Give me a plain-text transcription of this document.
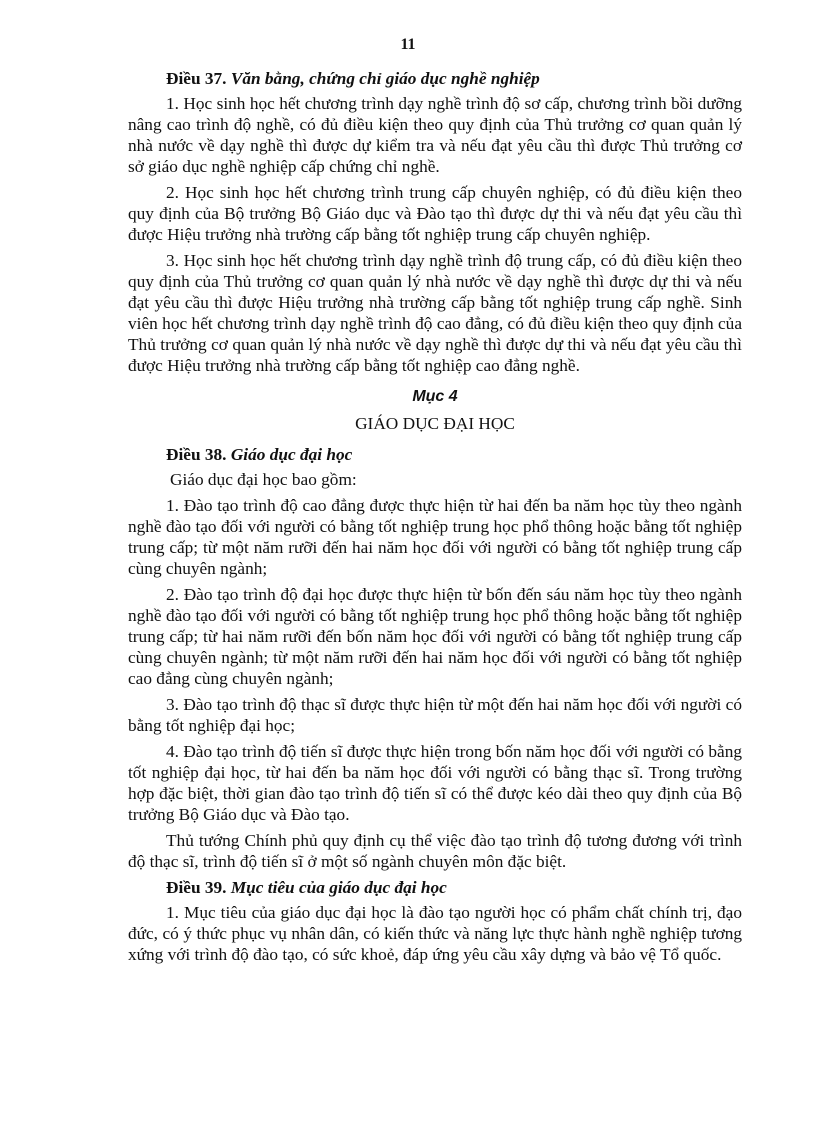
11
Điều 37. Văn bằng, chứng chỉ giáo dục nghề nghiệp

1. Học sinh học hết chương trình dạy nghề trình độ sơ cấp, chương trình bồi dưỡng nâng cao trình độ nghề, có đủ điều kiện theo quy định của Thủ trưởng cơ quan quản lý nhà nước về dạy nghề thì được dự kiểm tra và nếu đạt yêu cầu thì được Thủ trưởng cơ sở giáo dục nghề nghiệp cấp chứng chỉ nghề.

2. Học sinh học hết chương trình trung cấp chuyên nghiệp, có đủ điều kiện theo quy định của Bộ trưởng Bộ Giáo dục và Đào tạo thì được dự thi và nếu đạt yêu cầu thì được Hiệu trưởng nhà trường cấp bằng tốt nghiệp trung cấp chuyên nghiệp.

3. Học sinh học hết chương trình dạy nghề trình độ trung cấp, có đủ điều kiện theo quy định của Thủ trưởng cơ quan quản lý nhà nước về dạy nghề thì được dự thi và nếu đạt yêu cầu thì được Hiệu trưởng nhà trường cấp bằng tốt nghiệp trung cấp nghề. Sinh viên học hết chương trình dạy nghề trình độ cao đẳng, có đủ điều kiện theo quy định của Thủ trưởng cơ quan quản lý nhà nước về dạy nghề thì được dự thi và nếu đạt yêu cầu thì được Hiệu trưởng nhà trường cấp bằng tốt nghiệp cao đẳng nghề.

Mục 4
GIÁO DỤC ĐẠI HỌC
Điều 38. Giáo dục đại học

Giáo dục đại học bao gồm:

1. Đào tạo trình độ cao đẳng được thực hiện từ hai đến ba năm học tùy theo ngành nghề đào tạo đối với người có bằng tốt nghiệp trung học phổ thông hoặc bằng tốt nghiệp trung cấp; từ một năm rưỡi đến hai năm học đối với người có bằng tốt nghiệp trung cấp cùng chuyên ngành;

2. Đào tạo trình độ đại học được thực hiện từ bốn đến sáu năm học tùy theo ngành nghề đào tạo đối với người có bằng tốt nghiệp trung học phổ thông hoặc bằng tốt nghiệp trung cấp; từ hai năm rưỡi đến bốn năm học đối với người có bằng tốt nghiệp trung cấp cùng chuyên ngành; từ một năm rưỡi đến hai năm học đối với người có bằng tốt nghiệp cao đẳng cùng chuyên ngành;

3. Đào tạo trình độ thạc sĩ được thực hiện từ một đến hai năm học đối với người có bằng tốt nghiệp đại học;

4. Đào tạo trình độ tiến sĩ được thực hiện trong bốn năm học đối với người có bằng tốt nghiệp đại học, từ hai đến ba năm học đối với người có bằng thạc sĩ. Trong trường hợp đặc biệt, thời gian đào tạo trình độ tiến sĩ có thể được kéo dài theo quy định của Bộ trưởng Bộ Giáo dục và Đào tạo.

Thủ tướng Chính phủ quy định cụ thể việc đào tạo trình độ tương đương với trình độ thạc sĩ, trình độ tiến sĩ ở một số ngành chuyên môn đặc biệt.

Điều 39. Mục tiêu của giáo dục đại học

1. Mục tiêu của giáo dục đại học là đào tạo người học có phẩm chất chính trị, đạo đức, có ý thức phục vụ nhân dân, có kiến thức và năng lực thực hành nghề nghiệp tương xứng với trình độ đào tạo, có sức khoẻ, đáp ứng yêu cầu xây dựng và bảo vệ Tổ quốc.
